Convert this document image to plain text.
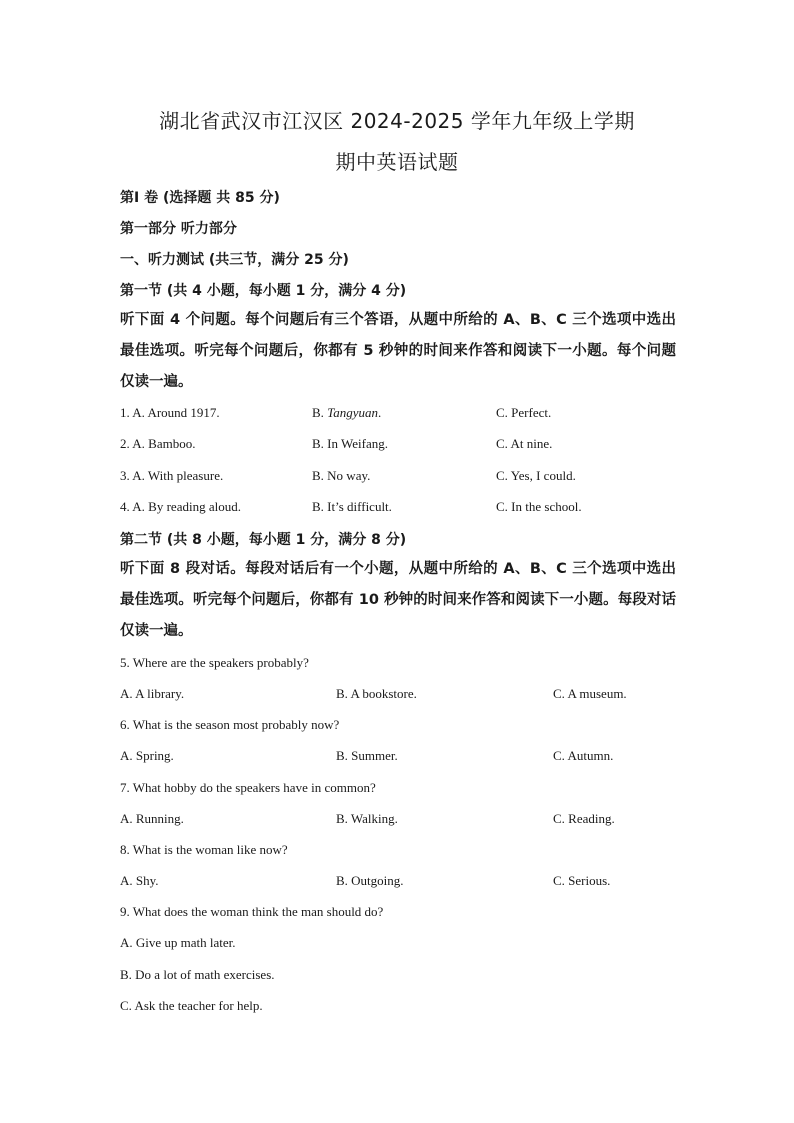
湖北省武汉市江汉区 2024-2025 学年九年级上学期
期中英语试题
第Ⅰ 卷 (选择题 共 85 分)
第一部分 听力部分
一、听力测试 (共三节，满分 25 分)
第一节 (共 4 小题，每小题 1 分，满分 4 分)
听下面 4 个问题。每个问题后有三个答语，从题中所给的 A、B、C 三个选项中选出最佳选项。听完每个问题后，你都有 5 秒钟的时间来作答和阅读下一小题。每个问题仅读一遍。
1. A. Around 1917.	B. Tangyuan.	C. Perfect.
2. A. Bamboo.	B. In Weifang.	C. At nine.
3. A. With pleasure.	B. No way.	C. Yes, I could.
4. A. By reading aloud.	B. It’s difficult.	C. In the school.
第二节 (共 8 小题，每小题 1 分，满分 8 分)
听下面 8 段对话。每段对话后有一个小题，从题中所给的 A、B、C 三个选项中选出最佳选项。听完每个问题后，你都有 10 秒钟的时间来作答和阅读下一小题。每段对话仅读一遍。
5. Where are the speakers probably?
A. A library.	B. A bookstore.	C. A museum.
6. What is the season most probably now?
A. Spring.	B. Summer.	C. Autumn.
7. What hobby do the speakers have in common?
A. Running.	B. Walking.	C. Reading.
8. What is the woman like now?
A. Shy.	B. Outgoing.	C. Serious.
9. What does the woman think the man should do?
A. Give up math later.
B. Do a lot of math exercises.
C. Ask the teacher for help.
